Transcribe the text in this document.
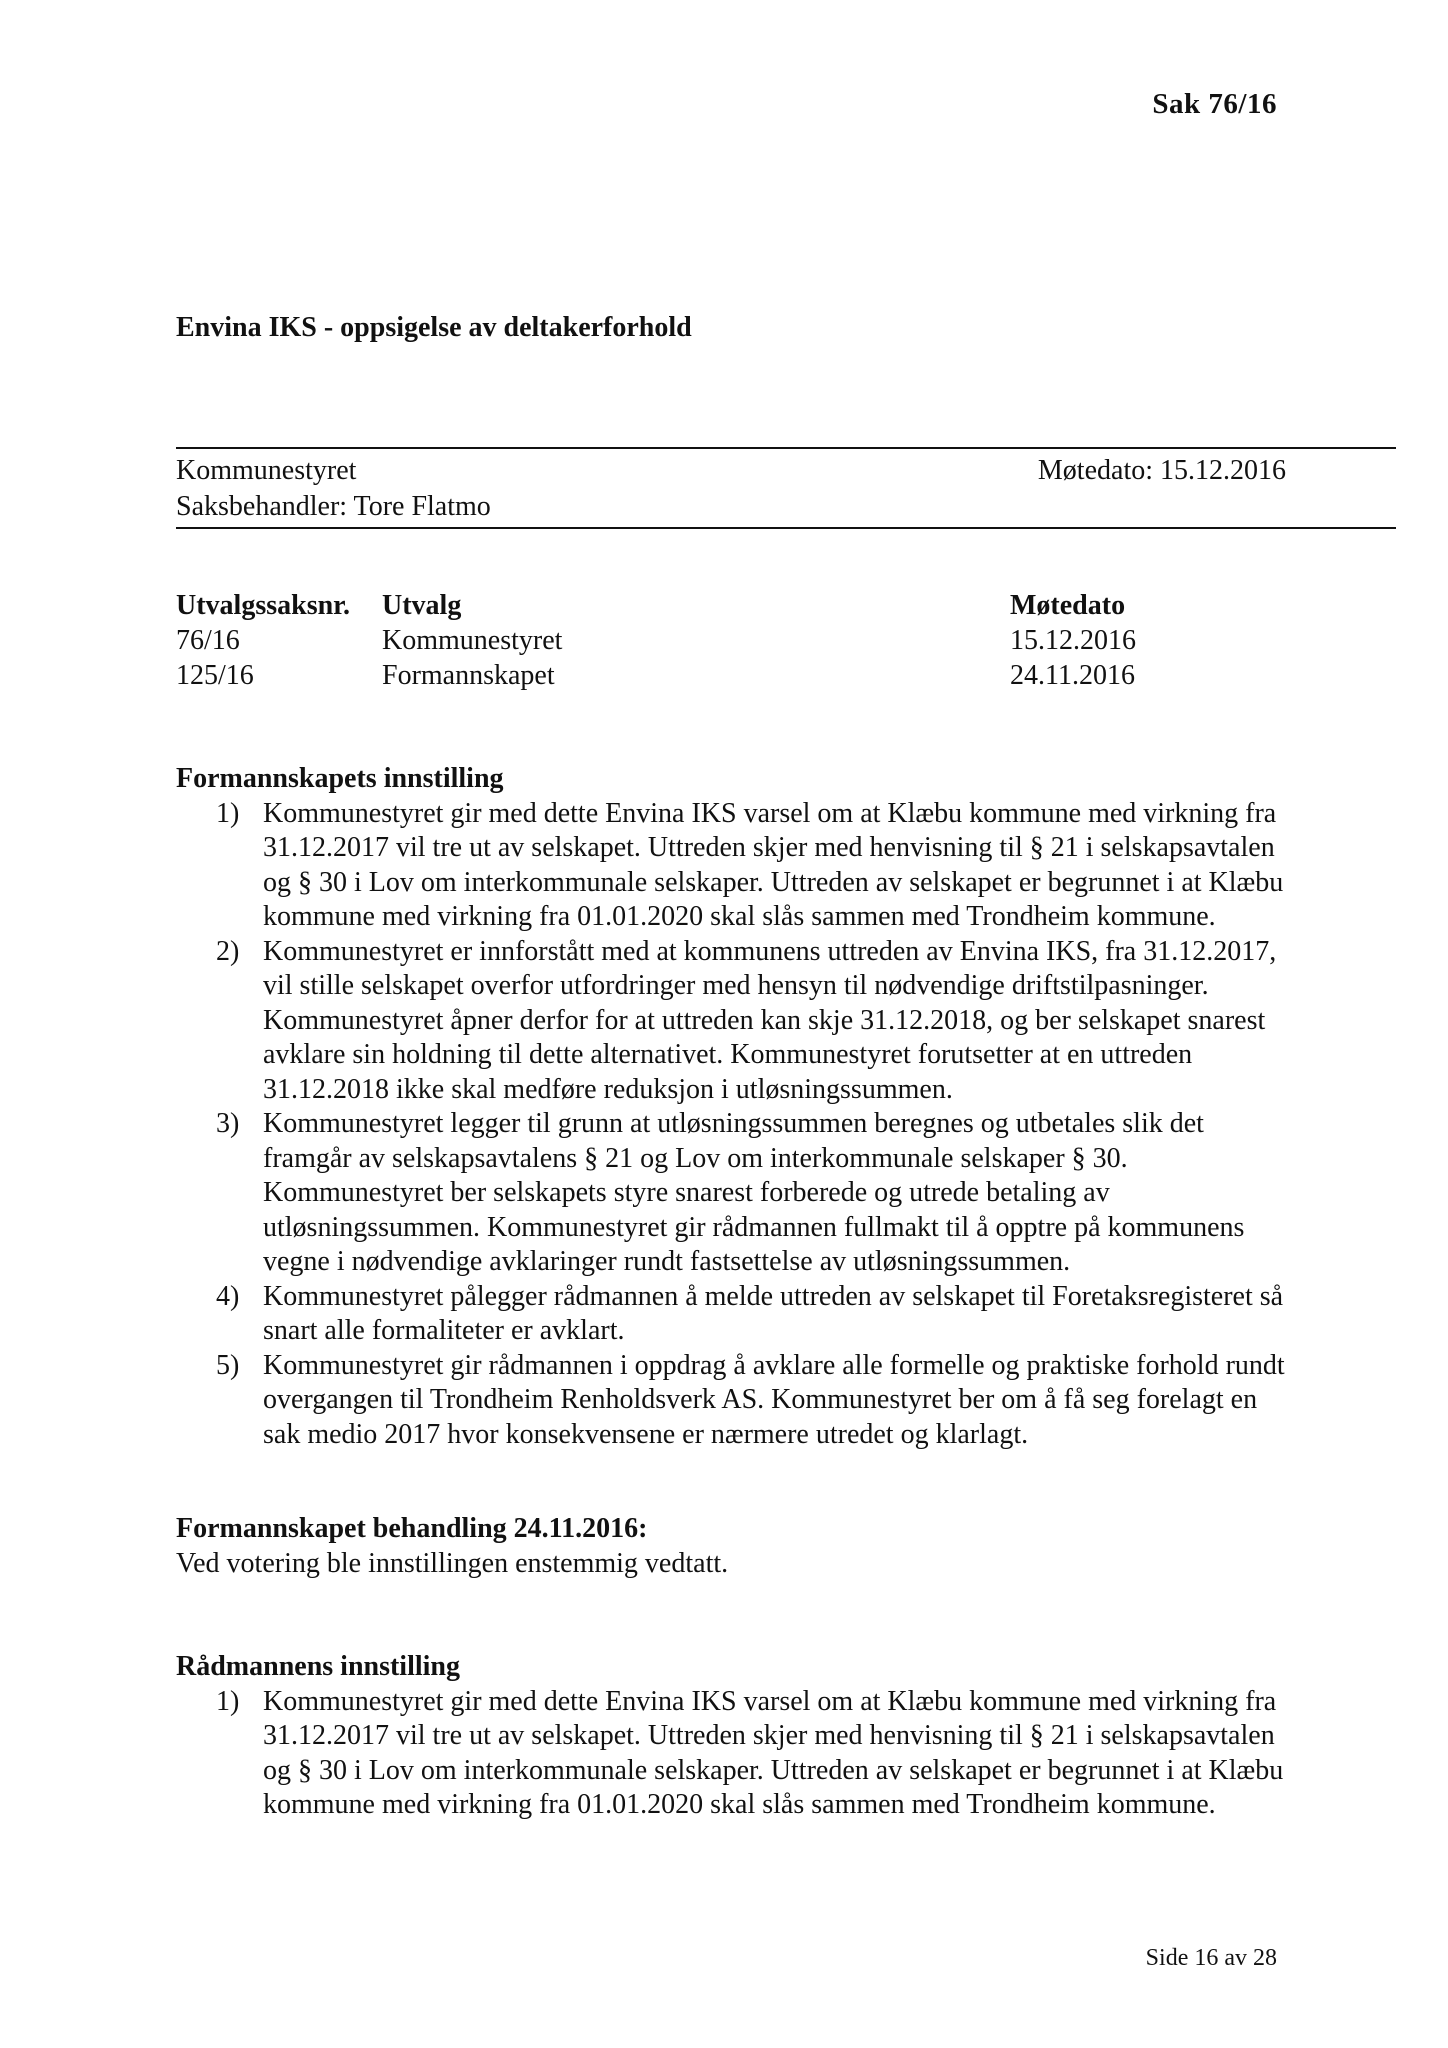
Sak 76/16
Envina IKS - oppsigelse av deltakerforhold
Kommunestyret	Møtedato: 15.12.2016
Saksbehandler: Tore Flatmo
Utvalgssaksnr.	Utvalg	Møtedato
76/16	Kommunestyret	15.12.2016
125/16	Formannskapet	24.11.2016
Formannskapets innstilling
1) Kommunestyret gir med dette Envina IKS varsel om at Klæbu kommune med virkning fra 31.12.2017 vil tre ut av selskapet. Uttreden skjer med henvisning til § 21 i selskapsavtalen og § 30 i Lov om interkommunale selskaper. Uttreden av selskapet er begrunnet i at Klæbu kommune med virkning fra 01.01.2020 skal slås sammen med Trondheim kommune.
2) Kommunestyret er innforstått med at kommunens uttreden av Envina IKS, fra 31.12.2017, vil stille selskapet overfor utfordringer med hensyn til nødvendige driftstilpasninger. Kommunestyret åpner derfor for at uttreden kan skje 31.12.2018, og ber selskapet snarest avklare sin holdning til dette alternativet. Kommunestyret forutsetter at en uttreden 31.12.2018 ikke skal medføre reduksjon i utløsningssummen.
3) Kommunestyret legger til grunn at utløsningssummen beregnes og utbetales slik det framgår av selskapsavtalens § 21 og Lov om interkommunale selskaper § 30. Kommunestyret ber selskapets styre snarest forberede og utrede betaling av utløsningssummen. Kommunestyret gir rådmannen fullmakt til å opptre på kommunens vegne i nødvendige avklaringer rundt fastsettelse av utløsningssummen.
4) Kommunestyret pålegger rådmannen å melde uttreden av selskapet til Foretaksregisteret så snart alle formaliteter er avklart.
5) Kommunestyret gir rådmannen i oppdrag å avklare alle formelle og praktiske forhold rundt overgangen til Trondheim Renholdsverk AS. Kommunestyret ber om å få seg forelagt en sak medio 2017 hvor konsekvensene er nærmere utredet og klarlagt.
Formannskapet behandling 24.11.2016:

Ved votering ble innstillingen enstemmig vedtatt.

Rådmannens innstilling
1) Kommunestyret gir med dette Envina IKS varsel om at Klæbu kommune med virkning fra 31.12.2017 vil tre ut av selskapet. Uttreden skjer med henvisning til § 21 i selskapsavtalen og § 30 i Lov om interkommunale selskaper. Uttreden av selskapet er begrunnet i at Klæbu kommune med virkning fra 01.01.2020 skal slås sammen med Trondheim kommune.
Side 16 av 28
